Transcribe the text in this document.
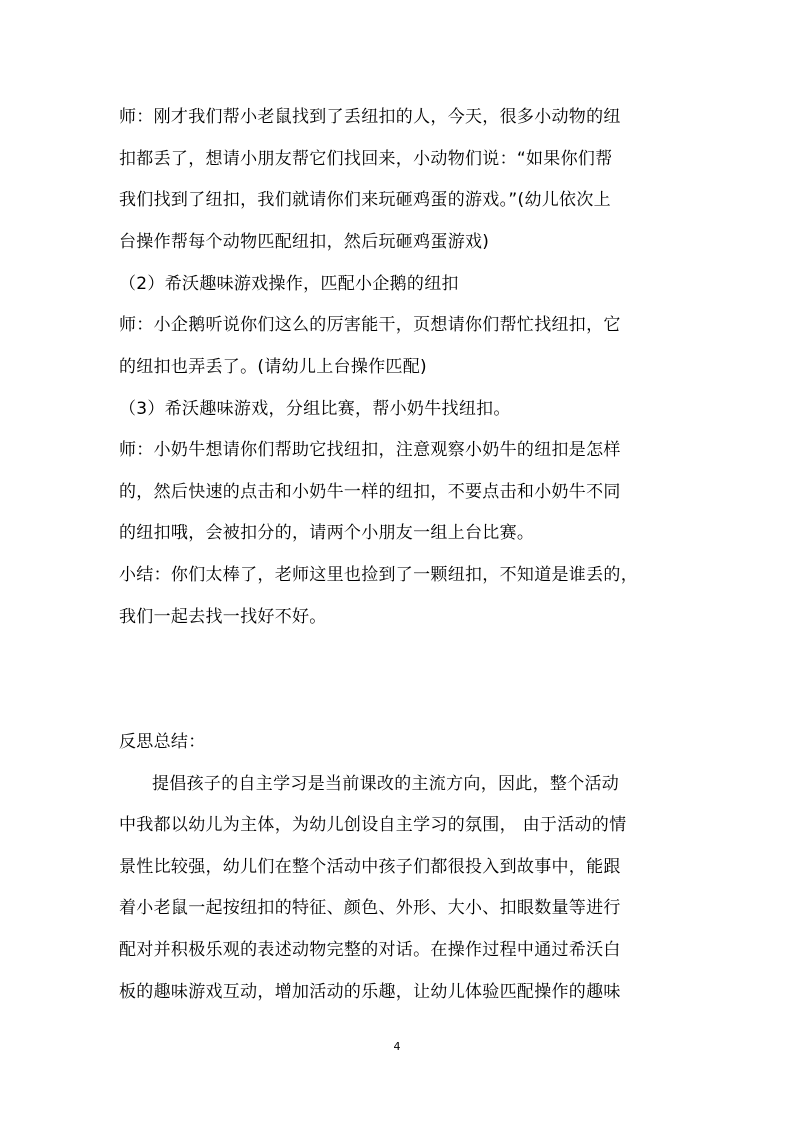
师：刚才我们帮小老鼠找到了丢纽扣的人，今天，很多小动物的纽
扣都丢了，想请小朋友帮它们找回来，小动物们说：“如果你们帮
我们找到了纽扣，我们就请你们来玩砸鸡蛋的游戏。”(幼儿依次上
台操作帮每个动物匹配纽扣，然后玩砸鸡蛋游戏)
（2）希沃趣味游戏操作，匹配小企鹅的纽扣
师：小企鹅听说你们这么的厉害能干，页想请你们帮忙找纽扣，它
的纽扣也弄丢了。(请幼儿上台操作匹配)
（3）希沃趣味游戏，分组比赛，帮小奶牛找纽扣。
师：小奶牛想请你们帮助它找纽扣，注意观察小奶牛的纽扣是怎样
的，然后快速的点击和小奶牛一样的纽扣，不要点击和小奶牛不同
的纽扣哦，会被扣分的，请两个小朋友一组上台比赛。
小结：你们太棒了，老师这里也捡到了一颗纽扣，不知道是谁丢的，
我们一起去找一找好不好。
反思总结：
提倡孩子的自主学习是当前课改的主流方向，因此，整个活动
中我都以幼儿为主体，为幼儿创设自主学习的氛围， 由于活动的情
景性比较强，幼儿们在整个活动中孩子们都很投入到故事中，能跟
着小老鼠一起按纽扣的特征、颜色、外形、大小、扣眼数量等进行
配对并积极乐观的表述动物完整的对话。在操作过程中通过希沃白
板的趣味游戏互动，增加活动的乐趣，让幼儿体验匹配操作的趣味
4
